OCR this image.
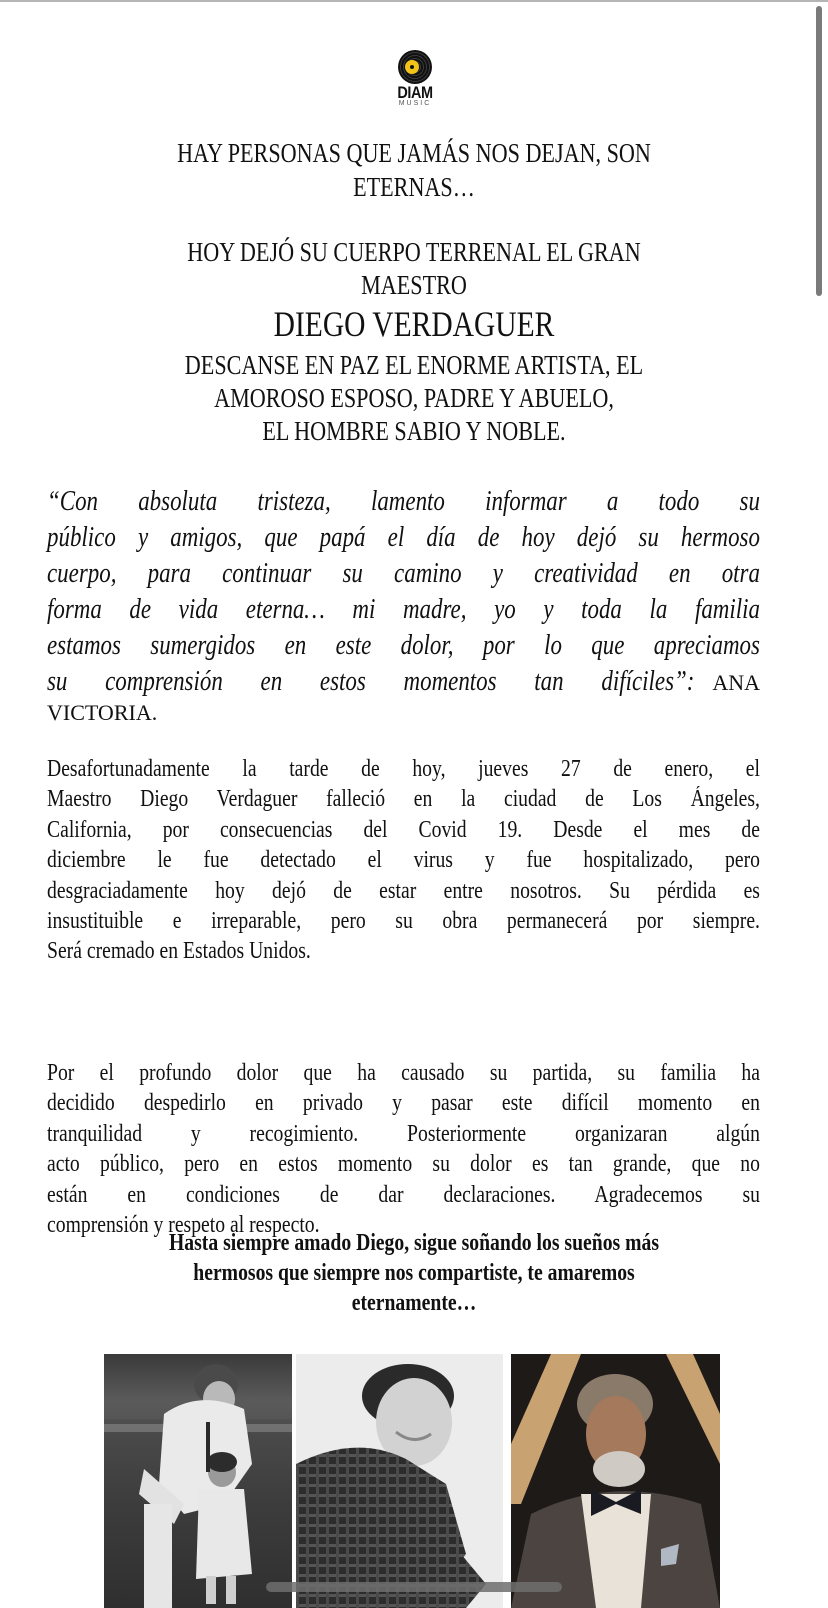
DIAM
MUSIC
HAY PERSONAS QUE JAMÁS NOS DEJAN, SON
ETERNAS…
HOY DEJÓ SU CUERPO TERRENAL EL GRAN
MAESTRO
DIEGO VERDAGUER
DESCANSE EN PAZ EL ENORME ARTISTA, EL
AMOROSO ESPOSO, PADRE Y ABUELO,
EL HOMBRE SABIO Y NOBLE.
“Con absoluta tristeza, lamento informar a todo su
público y amigos, que papá el día de hoy dejó su hermoso
cuerpo, para continuar su camino y creatividad en otra
forma de vida eterna… mi madre, yo y toda la familia
estamos sumergidos en este dolor, por lo que apreciamos
su comprensión en estos momentos tan difíciles”: ANA
VICTORIA.
Desafortunadamente la tarde de hoy, jueves 27 de enero, el
Maestro Diego Verdaguer falleció en la ciudad de Los Ángeles,
California, por consecuencias del Covid 19. Desde el mes de
diciembre le fue detectado el virus y fue hospitalizado, pero
desgraciadamente hoy dejó de estar entre nosotros. Su pérdida es
insustituible e irreparable, pero su obra permanecerá por siempre.
Será cremado en Estados Unidos.
Por el profundo dolor que ha causado su partida, su familia ha
decidido despedirlo en privado y pasar este difícil momento en
tranquilidad y recogimiento. Posteriormente organizaran algún
acto público, pero en estos momento su dolor es tan grande, que no
están en condiciones de dar declaraciones. Agradecemos su
comprensión y respeto al respecto.
Hasta siempre amado Diego, sigue soñando los sueños más
hermosos que siempre nos compartiste, te amaremos
eternamente…
